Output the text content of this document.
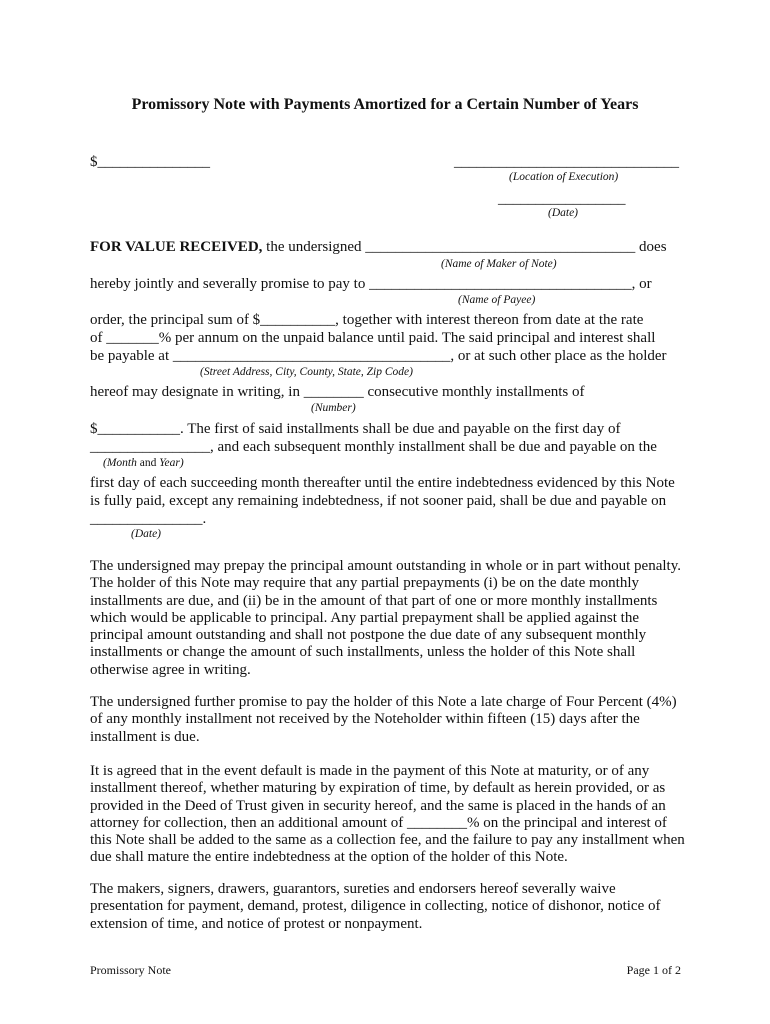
Promissory Note with Payments Amortized for a Certain Number of Years
$_______________	______________________________
(Location of Execution)
_________________
(Date)
FOR VALUE RECEIVED, the undersigned ____________________________________ does
(Name of Maker of Note)
hereby jointly and severally promise to pay to ___________________________________, or
(Name of Payee)
order, the principal sum of $__________, together with interest thereon from date at the rate
of _______% per annum on the unpaid balance until paid. The said principal and interest shall
be payable at _____________________________________, or at such other place as the holder
(Street Address, City, County, State, Zip Code)
hereof may designate in writing, in ________ consecutive monthly installments of
(Number)
$___________. The first of said installments shall be due and payable on the first day of
________________, and each subsequent monthly installment shall be due and payable on the
(Month and Year)
first day of each succeeding month thereafter until the entire indebtedness evidenced by this Note
is fully paid, except any remaining indebtedness, if not sooner paid, shall be due and payable on
_______________.
(Date)
The undersigned may prepay the principal amount outstanding in whole or in part without penalty. The holder of this Note may require that any partial prepayments (i) be on the date monthly installments are due, and (ii) be in the amount of that part of one or more monthly installments which would be applicable to principal. Any partial prepayment shall be applied against the principal amount outstanding and shall not postpone the due date of any subsequent monthly installments or change the amount of such installments, unless the holder of this Note shall otherwise agree in writing.
The undersigned further promise to pay the holder of this Note a late charge of Four Percent (4%) of any monthly installment not received by the Noteholder within fifteen (15) days after the installment is due.
It is agreed that in the event default is made in the payment of this Note at maturity, or of any installment thereof, whether maturing by expiration of time, by default as herein provided, or as provided in the Deed of Trust given in security hereof, and the same is placed in the hands of an attorney for collection, then an additional amount of ________% on the principal and interest of this Note shall be added to the same as a collection fee, and the failure to pay any installment when due shall mature the entire indebtedness at the option of the holder of this Note.
The makers, signers, drawers, guarantors, sureties and endorsers hereof severally waive presentation for payment, demand, protest, diligence in collecting, notice of dishonor, notice of extension of time, and notice of protest or nonpayment.
Promissory Note	Page 1 of 2
